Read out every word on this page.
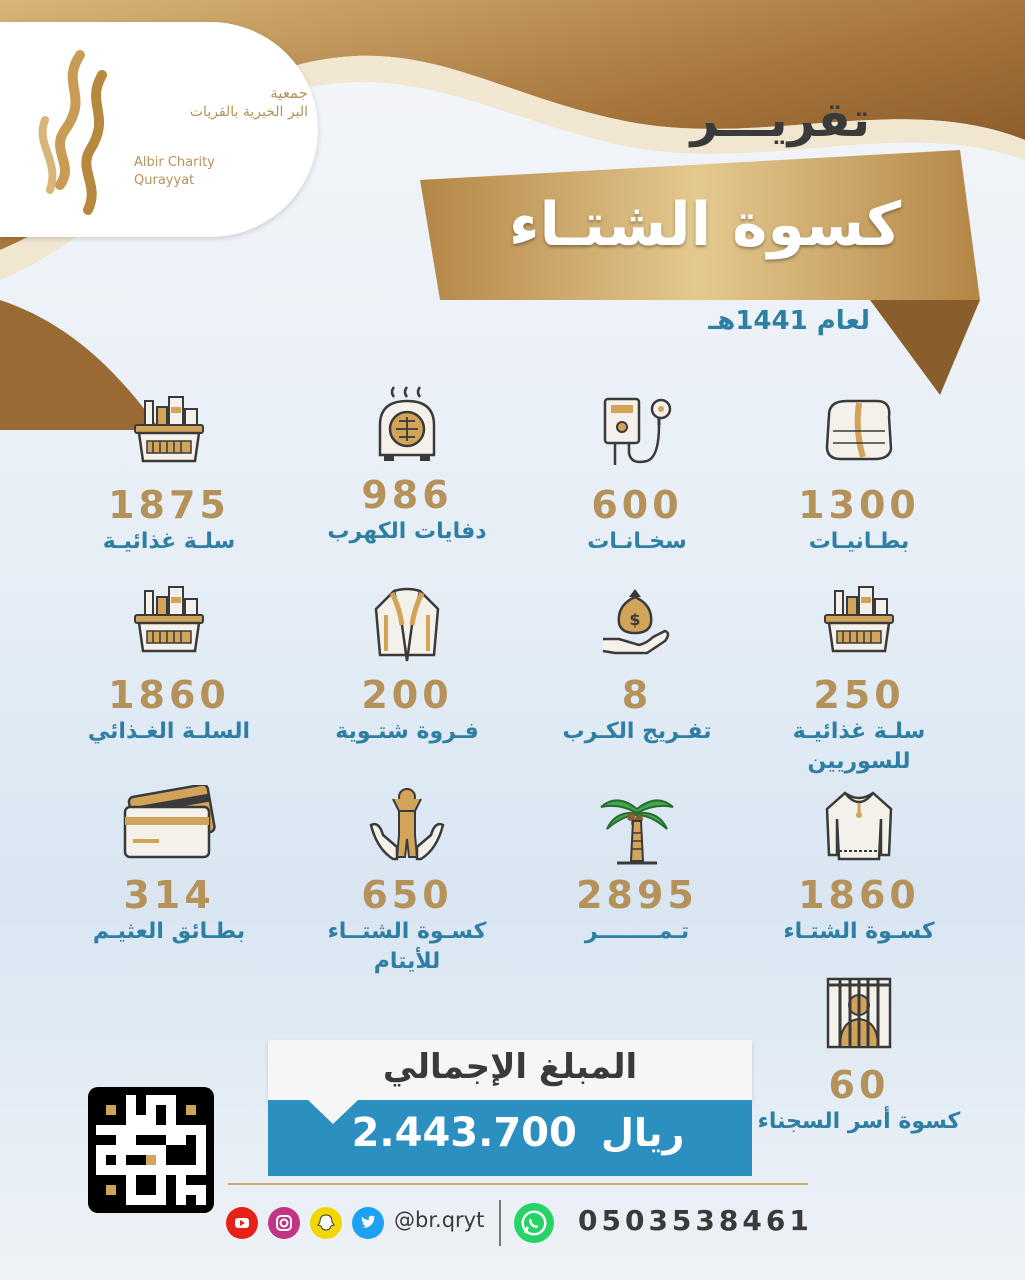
جمعية
البر الخيرية بالقريات
Albir Charity
Qurayyat
تقريـــر
كسوة الشتـاء
لعام 1441هـ
1300
بطـانيـات
600
سخـانـات
986
دفايات الكهرب
1875
سلـة غذائيـة
250
سلـة غذائيـة للسوريين
$
8
تفـريج الكـرب
200
فـروة شتـوية
1860
السلـة الغـذائي
1860
كسـوة الشتـاء
2895
تـمــــــــر
650
كسـوة الشتــاء للأيتام
314
بطـائق العثيـم
60
كسوة أسر السجناء
المبلغ الإجمالي
ريال  2.443.700
@br.qryt	0503538461
